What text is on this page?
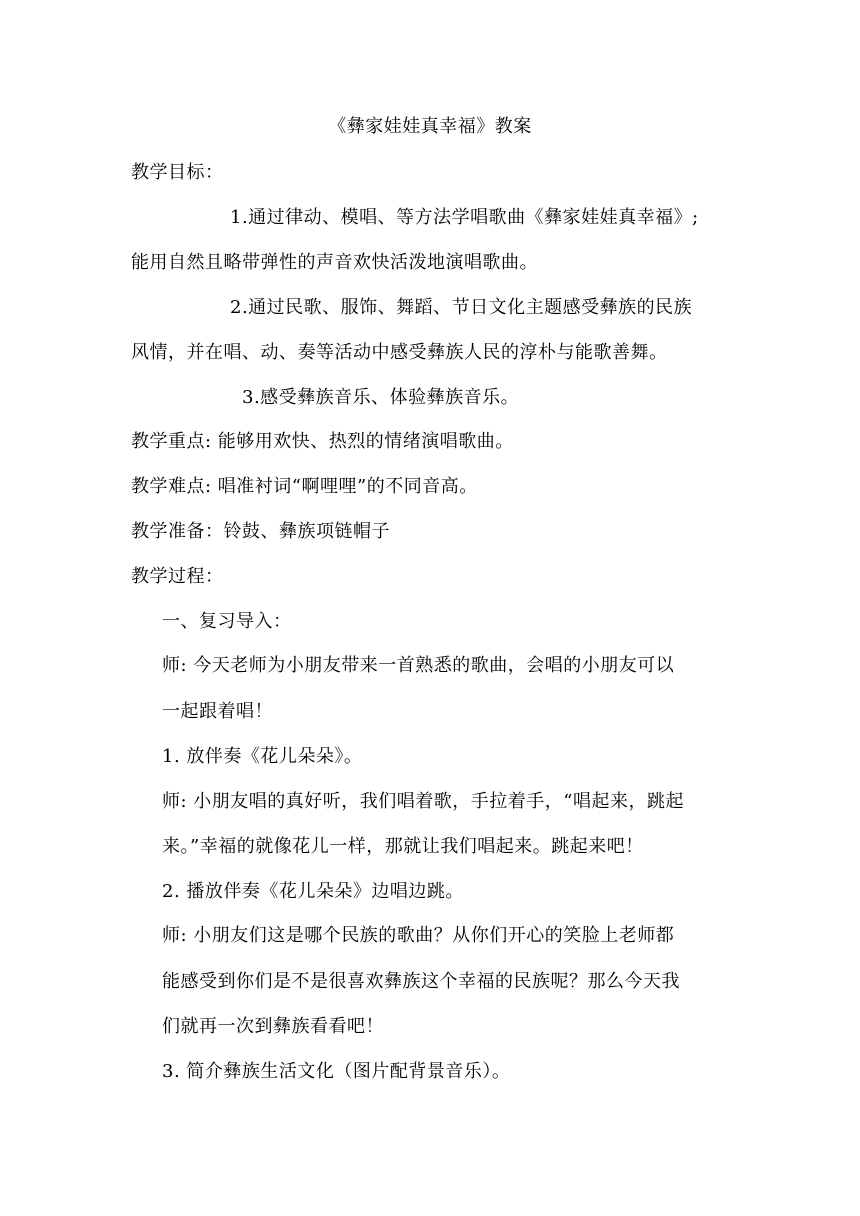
《彝家娃娃真幸福》教案
教学目标：
1.通过律动、模唱、等方法学唱歌曲《彝家娃娃真幸福》;
能用自然且略带弹性的声音欢快活泼地演唱歌曲。
2.通过民歌、服饰、舞蹈、节日文化主题感受彝族的民族
风情，并在唱、动、奏等活动中感受彝族人民的淳朴与能歌善舞。
3.感受彝族音乐、体验彝族音乐。
教学重点: 能够用欢快、热烈的情绪演唱歌曲。
教学难点: 唱准衬词“啊哩哩”的不同音高。
教学准备：铃鼓、彝族项链帽子
教学过程：
一、复习导入：
师: 今天老师为小朋友带来一首熟悉的歌曲，会唱的小朋友可以
一起跟着唱！
1. 放伴奏《花儿朵朵》。
师: 小朋友唱的真好听，我们唱着歌，手拉着手，“唱起来，跳起
来。”幸福的就像花儿一样，那就让我们唱起来。跳起来吧！
2. 播放伴奏《花儿朵朵》边唱边跳。
师: 小朋友们这是哪个民族的歌曲？从你们开心的笑脸上老师都
能感受到你们是不是很喜欢彝族这个幸福的民族呢？那么今天我
们就再一次到彝族看看吧！
3. 简介彝族生活文化（图片配背景音乐）。
